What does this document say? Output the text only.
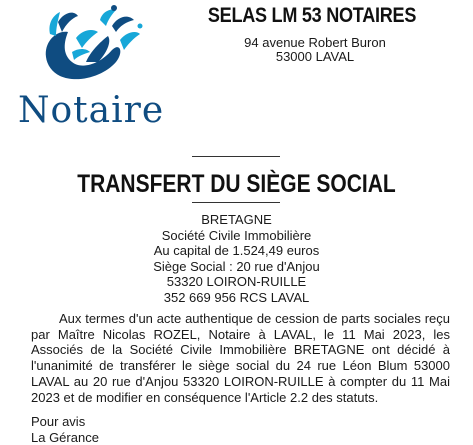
Notaire
SELAS LM 53 NOTAIRES
94 avenue Robert Buron
53000 LAVAL
TRANSFERT DU SIÈGE SOCIAL
BRETAGNE
Société Civile Immobilière
Au capital de 1.524,49 euros
Siège Social : 20 rue d'Anjou
53320 LOIRON-RUILLE
352 669 956 RCS LAVAL
Aux termes d'un acte authentique de cession de parts sociales reçu par Maître Nicolas ROZEL, Notaire à LAVAL, le 11 Mai 2023, les Associés de la Société Civile Immobilière BRETAGNE ont décidé à l'unanimité de transférer le siège social du 24 rue Léon Blum 53000 LAVAL au 20 rue d'Anjou 53320 LOIRON-RUILLE à compter du 11 Mai 2023 et de modifier en conséquence l'Article 2.2 des statuts.
Pour avis
La Gérance
